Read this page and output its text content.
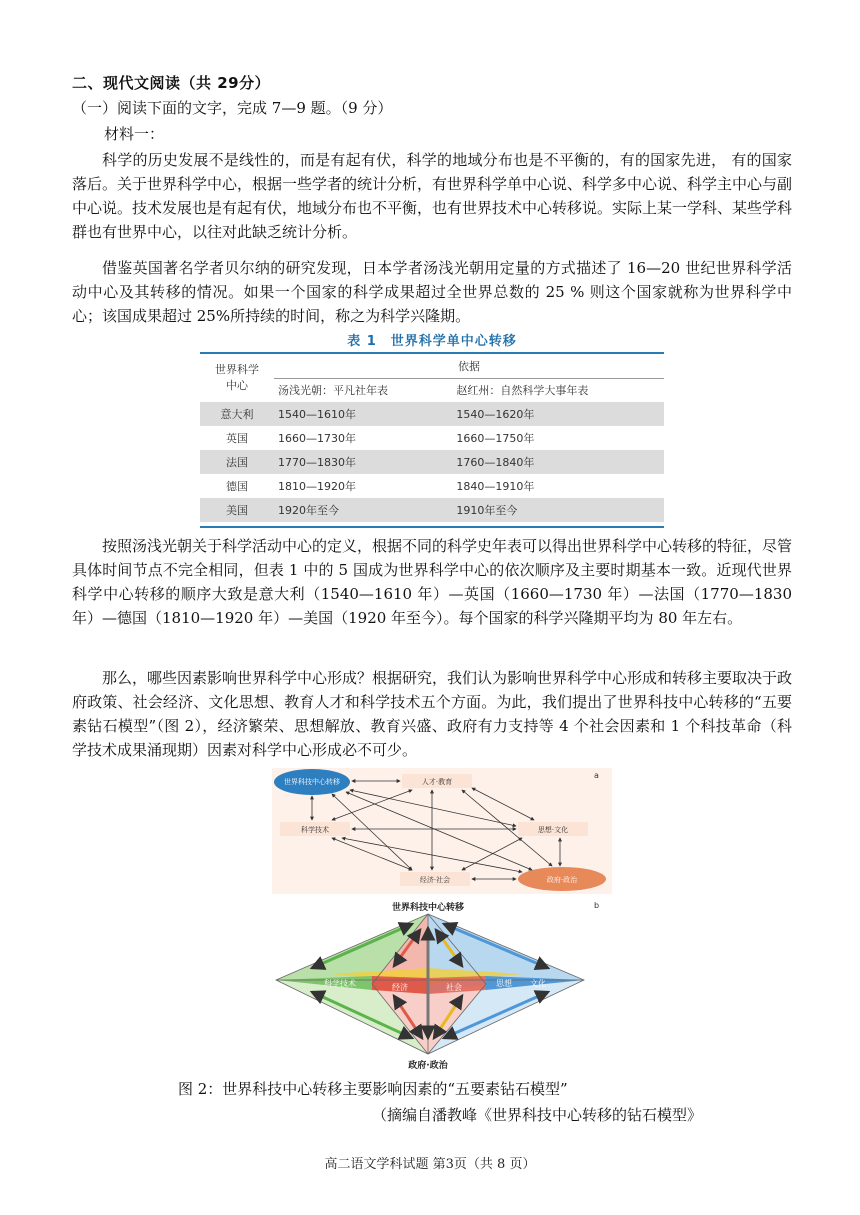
二、现代文阅读（共 29分）
（一）阅读下面的文字，完成 7—9 题。（9 分）
材料一：
科学的历史发展不是线性的，而是有起有伏，科学的地域分布也是不平衡的，有的国家先进， 有的国家落后。关于世界科学中心，根据一些学者的统计分析，有世界科学单中心说、科学多中心说、科学主中心与副中心说。技术发展也是有起有伏，地域分布也不平衡，也有世界技术中心转移说。实际上某一学科、某些学科群也有世界中心，以往对此缺乏统计分析。
借鉴英国著名学者贝尔纳的研究发现，日本学者汤浅光朝用定量的方式描述了 16—20 世纪世界科学活动中心及其转移的情况。如果一个国家的科学成果超过全世界总数的 25 % 则这个国家就称为世界科学中心；该国成果超过 25%所持续的时间，称之为科学兴隆期。
表 1　世界科学单中心转移
世界科学
中心	依据	
	汤浅光朝：平凡社年表	赵红州：自然科学大事年表
意大利	1540—1610年	1540—1620年
英国	1660—1730年	1660—1750年
法国	1770—1830年	1760—1840年
德国	1810—1920年	1840—1910年
美国	1920年至今	1910年至今
按照汤浅光朝关于科学活动中心的定义，根据不同的科学史年表可以得出世界科学中心转移的特征，尽管具体时间节点不完全相同，但表 1 中的 5 国成为世界科学中心的依次顺序及主要时期基本一致。近现代世界科学中心转移的顺序大致是意大利（1540—1610 年）—英国（1660—1730 年）—法国（1770—1830 年）—德国（1810—1920 年）—美国（1920 年至今）。每个国家的科学兴隆期平均为 80 年左右。
那么，哪些因素影响世界科学中心形成？根据研究，我们认为影响世界科学中心形成和转移主要取决于政府政策、社会经济、文化思想、教育人才和科学技术五个方面。为此，我们提出了世界科技中心转移的“五要素钻石模型”（图 2），经济繁荣、思想解放、教育兴盛、政府有力支持等 4 个社会因素和 1 个科技革命（科学技术成果涌现期）因素对科学中心形成必不可少。
a
世界科技中心转移	人才·教育
科学技术	思想·文化
经济·社会	政府·政治
b
世界科技中心转移
科学技术	经济	社会	思想 文化
政府·政治
图 2：世界科技中心转移主要影响因素的“五要素钻石模型”
（摘编自潘教峰《世界科技中心转移的钻石模型》
高二语文学科试题 第3页（共 8 页）
